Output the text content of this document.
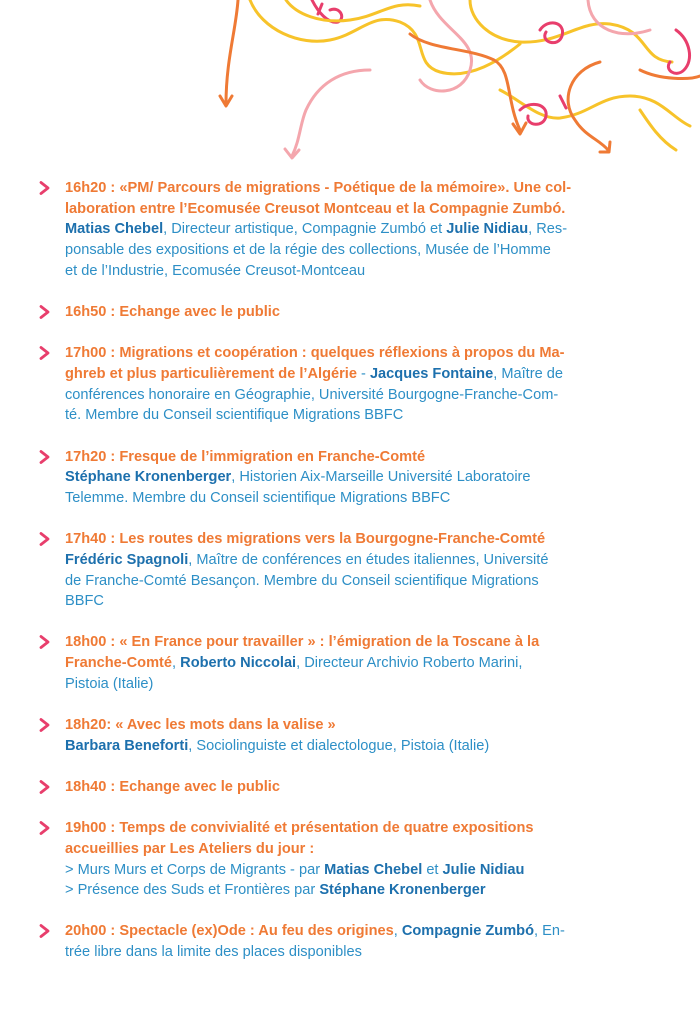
16h20 : «PM/ Parcours de migrations - Poétique de la mémoire». Une col-
laboration entre l’Ecomusée Creusot Montceau et la Compagnie Zumbó.
Matias Chebel, Directeur artistique, Compagnie Zumbó et Julie Nidiau, Res-
ponsable des expositions et de la régie des collections, Musée de l’Homme
et de l’Industrie, Ecomusée Creusot-Montceau
16h50 : Echange avec le public
17h00 : Migrations et coopération : quelques réflexions à propos du Ma-
ghreb et plus particulièrement de l’Algérie - Jacques Fontaine, Maître de
conférences honoraire en Géographie, Université Bourgogne-Franche-Com-
té. Membre du Conseil scientifique Migrations BBFC
17h20 : Fresque de l’immigration en Franche-Comté
Stéphane Kronenberger, Historien Aix-Marseille Université Laboratoire
Telemme. Membre du Conseil scientifique Migrations BBFC
17h40 : Les routes des migrations vers la Bourgogne-Franche-Comté
Frédéric Spagnoli, Maître de conférences en études italiennes, Université
de Franche-Comté Besançon. Membre du Conseil scientifique Migrations
BBFC
18h00 : « En France pour travailler » : l’émigration de la Toscane à la
Franche-Comté, Roberto Niccolai, Directeur Archivio Roberto Marini,
Pistoia (Italie)
18h20: « Avec les mots dans la valise »
Barbara Beneforti, Sociolinguiste et dialectologue, Pistoia (Italie)
18h40 : Echange avec le public
19h00 : Temps de convivialité et présentation de quatre expositions
accueillies par Les Ateliers du jour :
> Murs Murs et Corps de Migrants - par Matias Chebel et Julie Nidiau
> Présence des Suds et Frontières par Stéphane Kronenberger
20h00 : Spectacle (ex)Ode : Au feu des origines, Compagnie Zumbó, En-
trée libre dans la limite des places disponibles
